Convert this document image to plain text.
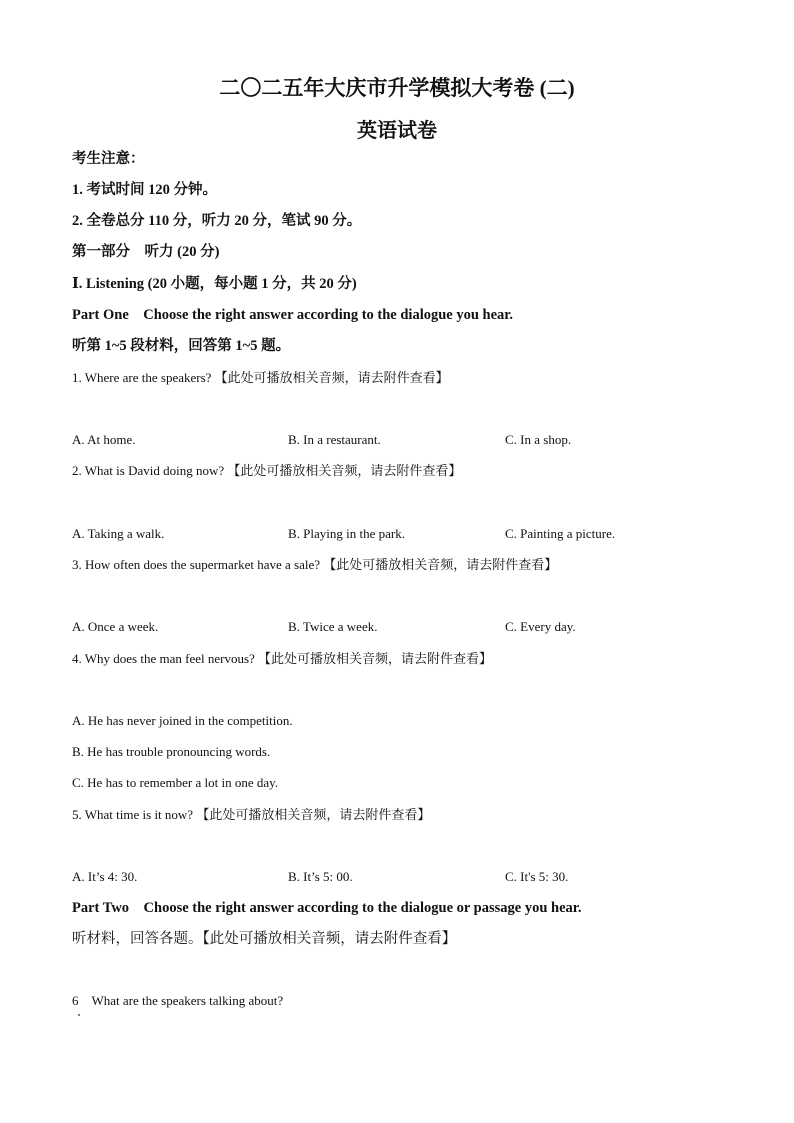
二〇二五年大庆市升学模拟大考卷 (二)
英语试卷
考生注意：
1. 考试时间 120 分钟。
2. 全卷总分 110 分，听力 20 分，笔试 90 分。
第一部分　听力 (20 分)
Ⅰ. Listening (20 小题，每小题 1 分，共 20 分)
Part One　Choose the right answer according to the dialogue you hear.
听第 1~5 段材料，回答第 1~5 题。
1. Where are the speakers? 【此处可播放相关音频，请去附件查看】
A. At home.	B. In a restaurant.	C. In a shop.
2. What is David doing now? 【此处可播放相关音频，请去附件查看】
A. Taking a walk.	B. Playing in the park.	C. Painting a picture.
3. How often does the supermarket have a sale? 【此处可播放相关音频，请去附件查看】
A. Once a week.	B. Twice a week.	C. Every day.
4. Why does the man feel nervous? 【此处可播放相关音频，请去附件查看】
A. He has never joined in the competition.
B. He has trouble pronouncing words.
C. He has to remember a lot in one day.
5. What time is it now? 【此处可播放相关音频，请去附件查看】
A. It’s 4: 30.	B. It’s 5: 00.	C. It's 5: 30.
Part Two　Choose the right answer according to the dialogue or passage you hear.
听材料，回答各题。【此处可播放相关音频，请去附件查看】
6　What are the speakers talking about?
